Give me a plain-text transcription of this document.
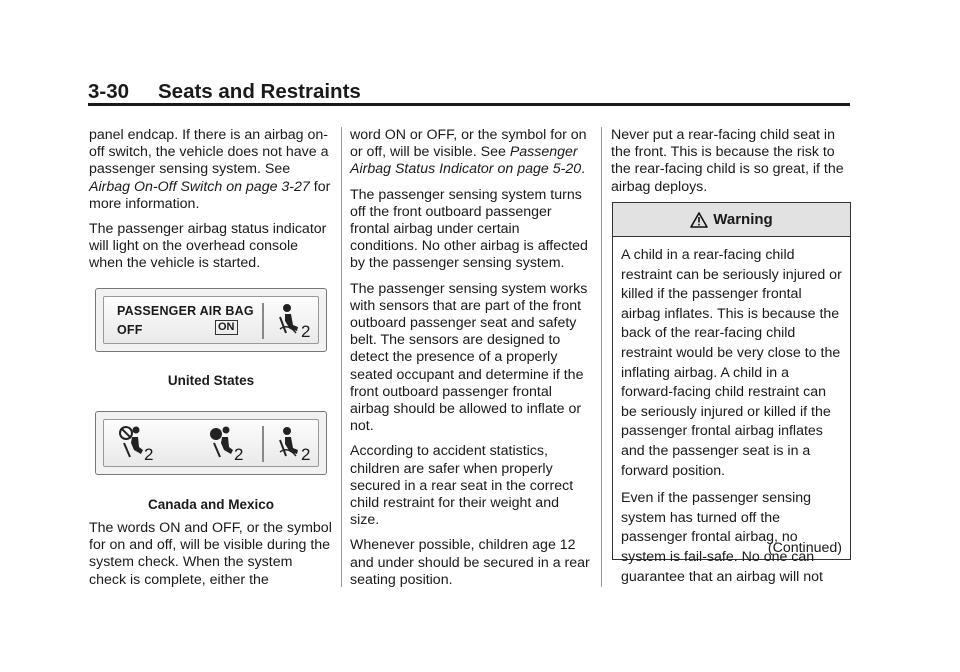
3-30 Seats and Restraints

panel endcap. If there is an airbag on-off switch, the vehicle does not have a passenger sensing system. See Airbag On-Off Switch on page 3-27 for more information.

The passenger airbag status indicator will light on the overhead console when the vehicle is started.

PASSENGER AIR BAG
OFF	ON	2
United States
2	2	2
Canada and Mexico

The words ON and OFF, or the symbol for on and off, will be visible during the system check. When the system check is complete, either the

word ON or OFF, or the symbol for on or off, will be visible. See Passenger Airbag Status Indicator on page 5-20.

The passenger sensing system turns off the front outboard passenger frontal airbag under certain conditions. No other airbag is affected by the passenger sensing system.

The passenger sensing system works with sensors that are part of the front outboard passenger seat and safety belt. The sensors are designed to detect the presence of a properly seated occupant and determine if the front outboard passenger frontal airbag should be allowed to inflate or not.

According to accident statistics, children are safer when properly secured in a rear seat in the correct child restraint for their weight and size.

Whenever possible, children age 12 and under should be secured in a rear seating position.

Never put a rear-facing child seat in the front. This is because the risk to the rear-facing child is so great, if the airbag deploys.

Warning

A child in a rear-facing child restraint can be seriously injured or killed if the passenger frontal airbag inflates. This is because the back of the rear-facing child restraint would be very close to the inflating airbag. A child in a forward-facing child restraint can be seriously injured or killed if the passenger frontal airbag inflates and the passenger seat is in a forward position.

Even if the passenger sensing system has turned off the passenger frontal airbag, no system is fail-safe. No one can guarantee that an airbag will not

(Continued)
